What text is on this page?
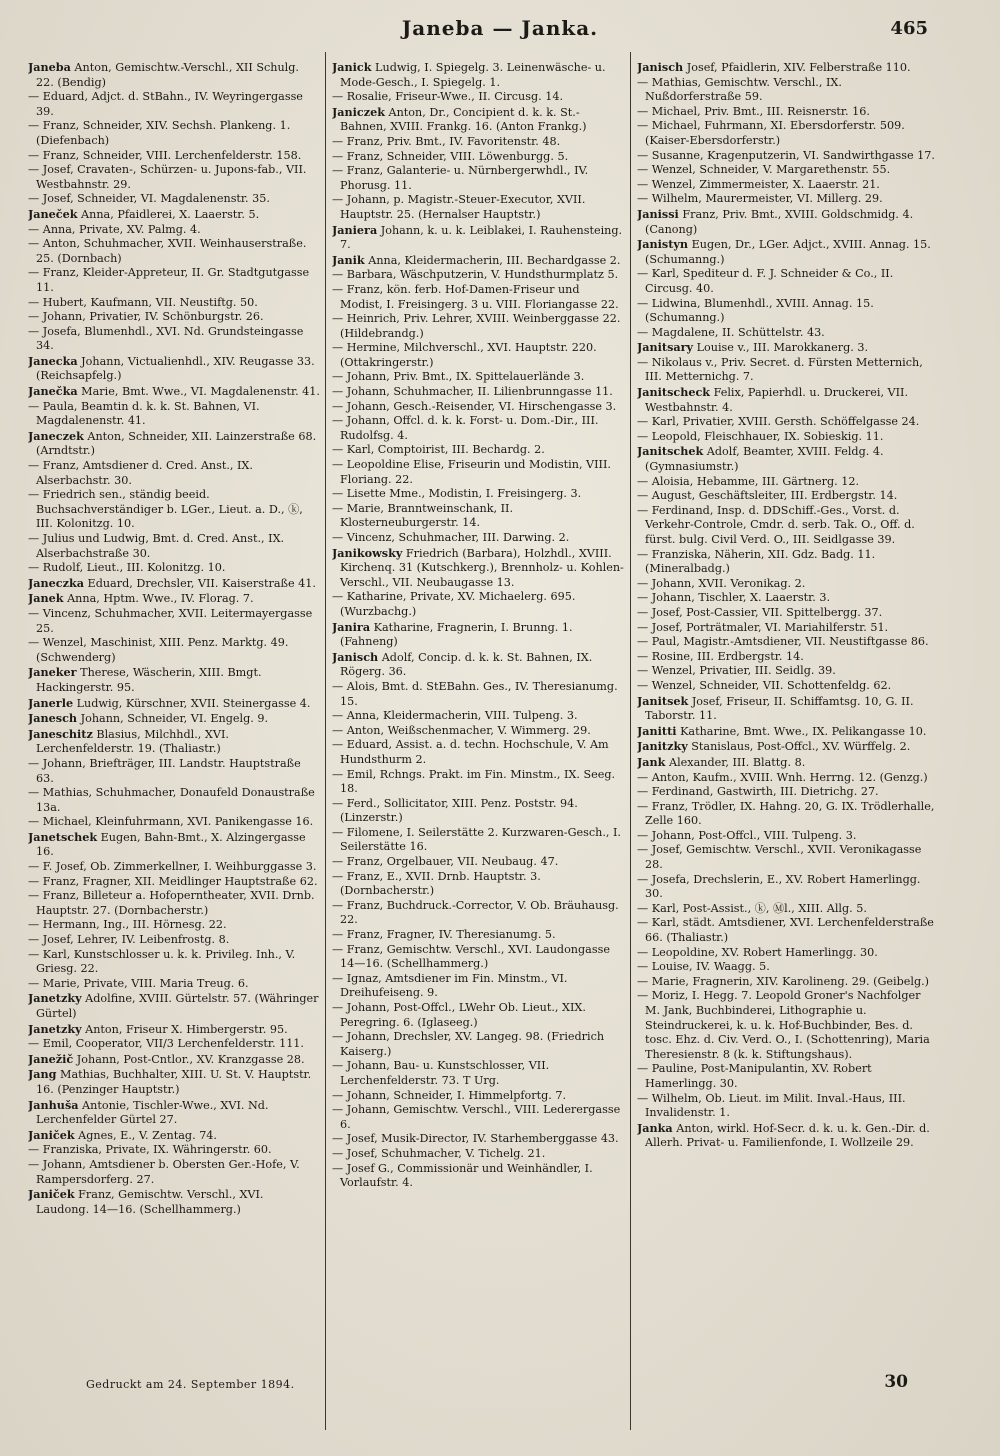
Janeba — Janka.	465
Janeba Anton, Gemischtw.-Verschl., XII Schulg. 22. (Bendig)
— Eduard, Adjct. d. StBahn., IV. Weyringergasse 39.
— Franz, Schneider, XIV. Sechsh. Plankeng. 1. (Diefenbach)
— Franz, Schneider, VIII. Lerchenfelderstr. 158.
— Josef, Cravaten-, Schürzen- u. Jupons-fab., VII. Westbahnstr. 29.
— Josef, Schneider, VI. Magdalenenstr. 35.
Janeček Anna, Pfaidlerei, X. Laaerstr. 5.
— Anna, Private, XV. Palmg. 4.
— Anton, Schuhmacher, XVII. Weinhauserstraße. 25. (Dornbach)
— Franz, Kleider-Appreteur, II. Gr. Stadtgutgasse 11.
— Hubert, Kaufmann, VII. Neustiftg. 50.
— Johann, Privatier, IV. Schönburgstr. 26.
— Josefa, Blumenhdl., XVI. Nd. Grundsteingasse 34.
Janecka Johann, Victualienhdl., XIV. Reugasse 33. (Reichsapfelg.)
Janečka Marie, Bmt. Wwe., VI. Magdalenenstr. 41.
— Paula, Beamtin d. k. k. St. Bahnen, VI. Magdalenenstr. 41.
Janeczek Anton, Schneider, XII. Lainzerstraße 68. (Arndtstr.)
— Franz, Amtsdiener d. Cred. Anst., IX. Alserbachstr. 30.
— Friedrich sen., ständig beeid. Buchsachverständiger b. LGer., Lieut. a. D., ⓚ, III. Kolonitzg. 10.
— Julius und Ludwig, Bmt. d. Cred. Anst., IX. Alserbachstraße 30.
— Rudolf, Lieut., III. Kolonitzg. 10.
Janeczka Eduard, Drechsler, VII. Kaiserstraße 41.
Janek Anna, Hptm. Wwe., IV. Florag. 7.
— Vincenz, Schuhmacher, XVII. Leitermayergasse 25.
— Wenzel, Maschinist, XIII. Penz. Marktg. 49. (Schwenderg)
Janeker Therese, Wäscherin, XIII. Bmgt. Hackingerstr. 95.
Janerle Ludwig, Kürschner, XVII. Steinergasse 4.
Janesch Johann, Schneider, VI. Engelg. 9.
Janeschitz Blasius, Milchhdl., XVI. Lerchenfelderstr. 19. (Thaliastr.)
— Johann, Briefträger, III. Landstr. Hauptstraße 63.
— Mathias, Schuhmacher, Donaufeld Donaustraße 13a.
— Michael, Kleinfuhrmann, XVI. Panikengasse 16.
Janetschek Eugen, Bahn-Bmt., X. Alzingergasse 16.
— F. Josef, Ob. Zimmerkellner, I. Weihburggasse 3.
— Franz, Fragner, XII. Meidlinger Hauptstraße 62.
— Franz, Billeteur a. Hofoperntheater, XVII. Drnb. Hauptstr. 27. (Dornbacherstr.)
— Hermann, Ing., III. Hörnesg. 22.
— Josef, Lehrer, IV. Leibenfrostg. 8.
— Karl, Kunstschlosser u. k. k. Privileg. Inh., V. Griesg. 22.
— Marie, Private, VIII. Maria Treug. 6.
Janetzky Adolfine, XVIII. Gürtelstr. 57. (Währinger Gürtel)
Janetzky Anton, Friseur X. Himbergerstr. 95.
— Emil, Cooperator, VII/3 Lerchenfelderstr. 111.
Janežič Johann, Post-Cntlor., XV. Kranzgasse 28.
Jang Mathias, Buchhalter, XIII. U. St. V. Hauptstr. 16. (Penzinger Hauptstr.)
Janhuša Antonie, Tischler-Wwe., XVI. Nd. Lerchenfelder Gürtel 27.
Janiček Agnes, E., V. Zentag. 74.
— Franziska, Private, IX. Währingerstr. 60.
— Johann, Amtsdiener b. Obersten Ger.-Hofe, V. Rampersdorferg. 27.
Janiček Franz, Gemischtw. Verschl., XVI. Laudong. 14—16. (Schellhammerg.)
Janick Ludwig, I. Spiegelg. 3. Leinenwäsche- u. Mode-Gesch., I. Spiegelg. 1.
— Rosalie, Friseur-Wwe., II. Circusg. 14.
Janiczek Anton, Dr., Concipient d. k. k. St.-Bahnen, XVIII. Frankg. 16. (Anton Frankg.)
— Franz, Priv. Bmt., IV. Favoritenstr. 48.
— Franz, Schneider, VIII. Löwenburgg. 5.
— Franz, Galanterie- u. Nürnbergerwhdl., IV. Phorusg. 11.
— Johann, p. Magistr.-Steuer-Executor, XVII. Hauptstr. 25. (Hernalser Hauptstr.)
Janiera Johann, k. u. k. Leiblakei, I. Rauhensteing. 7.
Janik Anna, Kleidermacherin, III. Bechardgasse 2.
— Barbara, Wäschputzerin, V. Hundsthurmplatz 5.
— Franz, kön. ferb. Hof-Damen-Friseur und Modist, I. Freisingerg. 3 u. VIII. Floriangasse 22.
— Heinrich, Priv. Lehrer, XVIII. Weinberggasse 22. (Hildebrandg.)
— Hermine, Milchverschl., XVI. Hauptstr. 220. (Ottakringerstr.)
— Johann, Priv. Bmt., IX. Spittelauerlände 3.
— Johann, Schuhmacher, II. Lilienbrunngasse 11.
— Johann, Gesch.-Reisender, VI. Hirschengasse 3.
— Johann, Offcl. d. k. k. Forst- u. Dom.-Dir., III. Rudolfsg. 4.
— Karl, Comptoirist, III. Bechardg. 2.
— Leopoldine Elise, Friseurin und Modistin, VIII. Floriang. 22.
— Lisette Mme., Modistin, I. Freisingerg. 3.
— Marie, Branntweinschank, II. Klosterneuburgerstr. 14.
— Vincenz, Schuhmacher, III. Darwing. 2.
Janikowsky Friedrich (Barbara), Holzhdl., XVIII. Kirchenq. 31 (Kutschkerg.), Brennholz- u. Kohlen-Verschl., VII. Neubaugasse 13.
— Katharine, Private, XV. Michaelerg. 695. (Wurzbachg.)
Janira Katharine, Fragnerin, I. Brunng. 1. (Fahneng)
Janisch Adolf, Concip. d. k. k. St. Bahnen, IX. Rögerg. 36.
— Alois, Bmt. d. StEBahn. Ges., IV. Theresianumg. 15.
— Anna, Kleidermacherin, VIII. Tulpeng. 3.
— Anton, Weißschenmacher, V. Wimmerg. 29.
— Eduard, Assist. a. d. techn. Hochschule, V. Am Hundsthurm 2.
— Emil, Rchngs. Prakt. im Fin. Minstm., IX. Seeg. 18.
— Ferd., Sollicitator, XIII. Penz. Poststr. 94. (Linzerstr.)
— Filomene, I. Seilerstätte 2. Kurzwaren-Gesch., I. Seilerstätte 16.
— Franz, Orgelbauer, VII. Neubaug. 47.
— Franz, E., XVII. Drnb. Hauptstr. 3. (Dornbacherstr.)
— Franz, Buchdruck.-Corrector, V. Ob. Bräuhausg. 22.
— Franz, Fragner, IV. Theresianumg. 5.
— Franz, Gemischtw. Verschl., XVI. Laudongasse 14—16. (Schellhammerg.)
— Ignaz, Amtsdiener im Fin. Minstm., VI. Dreihufeiseng. 9.
— Johann, Post-Offcl., LWehr Ob. Lieut., XIX. Peregring. 6. (Iglaseeg.)
— Johann, Drechsler, XV. Langeg. 98. (Friedrich Kaiserg.)
— Johann, Bau- u. Kunstschlosser, VII. Lerchenfelderstr. 73. T Urg.
— Johann, Schneider, I. Himmelpfortg. 7.
— Johann, Gemischtw. Verschl., VIII. Lederergasse 6.
— Josef, Musik-Director, IV. Starhemberggasse 43.
— Josef, Schuhmacher, V. Tichelg. 21.
— Josef G., Commissionär und Weinhändler, I. Vorlaufstr. 4.
Janisch Josef, Pfaidlerin, XIV. Felberstraße 110.
— Mathias, Gemischtw. Verschl., IX. Nußdorferstraße 59.
— Michael, Priv. Bmt., III. Reisnerstr. 16.
— Michael, Fuhrmann, XI. Ebersdorferstr. 509. (Kaiser-Ebersdorferstr.)
— Susanne, Kragenputzerin, VI. Sandwirthgasse 17.
— Wenzel, Schneider, V. Margarethenstr. 55.
— Wenzel, Zimmermeister, X. Laaerstr. 21.
— Wilhelm, Maurermeister, VI. Millerg. 29.
Janissi Franz, Priv. Bmt., XVIII. Goldschmidg. 4. (Canong)
Janistyn Eugen, Dr., LGer. Adjct., XVIII. Annag. 15. (Schumanng.)
— Karl, Spediteur d. F. J. Schneider & Co., II. Circusg. 40.
— Lidwina, Blumenhdl., XVIII. Annag. 15. (Schumanng.)
— Magdalene, II. Schüttelstr. 43.
Janitsary Louise v., III. Marokkanerg. 3.
— Nikolaus v., Priv. Secret. d. Fürsten Metternich, III. Metternichg. 7.
Janitscheck Felix, Papierhdl. u. Druckerei, VII. Westbahnstr. 4.
— Karl, Privatier, XVIII. Gersth. Schöffelgasse 24.
— Leopold, Fleischhauer, IX. Sobieskig. 11.
Janitschek Adolf, Beamter, XVIII. Feldg. 4. (Gymnasiumstr.)
— Aloisia, Hebamme, III. Gärtnerg. 12.
— August, Geschäftsleiter, III. Erdbergstr. 14.
— Ferdinand, Insp. d. DDSchiff.-Ges., Vorst. d. Verkehr-Controle, Cmdr. d. serb. Tak. O., Off. d. fürst. bulg. Civil Verd. O., III. Seidlgasse 39.
— Franziska, Näherin, XII. Gdz. Badg. 11. (Mineralbadg.)
— Johann, XVII. Veronikag. 2.
— Johann, Tischler, X. Laaerstr. 3.
— Josef, Post-Cassier, VII. Spittelbergg. 37.
— Josef, Porträtmaler, VI. Mariahilferstr. 51.
— Paul, Magistr.-Amtsdiener, VII. Neustiftgasse 86.
— Rosine, III. Erdbergstr. 14.
— Wenzel, Privatier, III. Seidlg. 39.
— Wenzel, Schneider, VII. Schottenfeldg. 62.
Janitsek Josef, Friseur, II. Schiffamtsg. 10, G. II. Taborstr. 11.
Janitti Katharine, Bmt. Wwe., IX. Pelikangasse 10.
Janitzky Stanislaus, Post-Offcl., XV. Würffelg. 2.
Jank Alexander, III. Blattg. 8.
— Anton, Kaufm., XVIII. Wnh. Herrng. 12. (Genzg.)
— Ferdinand, Gastwirth, III. Dietrichg. 27.
— Franz, Trödler, IX. Hahng. 20, G. IX. Trödlerhalle, Zelle 160.
— Johann, Post-Offcl., VIII. Tulpeng. 3.
— Josef, Gemischtw. Verschl., XVII. Veronikagasse 28.
— Josefa, Drechslerin, E., XV. Robert Hamerlingg. 30.
— Karl, Post-Assist., ⓚ, Ⓜl., XIII. Allg. 5.
— Karl, städt. Amtsdiener, XVI. Lerchenfelderstraße 66. (Thaliastr.)
— Leopoldine, XV. Robert Hamerlingg. 30.
— Louise, IV. Waagg. 5.
— Marie, Fragnerin, XIV. Karolineng. 29. (Geibelg.)
— Moriz, I. Hegg. 7. Leopold Groner's Nachfolger M. Jank, Buchbinderei, Lithographie u. Steindruckerei, k. u. k. Hof-Buchbinder, Bes. d. tosc. Ehz. d. Civ. Verd. O., I. (Schottenring), Maria Theresienstr. 8 (k. k. Stiftungshaus).
— Pauline, Post-Manipulantin, XV. Robert Hamerlingg. 30.
— Wilhelm, Ob. Lieut. im Milit. Inval.-Haus, III. Invalidenstr. 1.
Janka Anton, wirkl. Hof-Secr. d. k. u. k. Gen.-Dir. d. Allerh. Privat- u. Familienfonde, I. Wollzeile 29.
Gedruckt am 24. September 1894.	30
